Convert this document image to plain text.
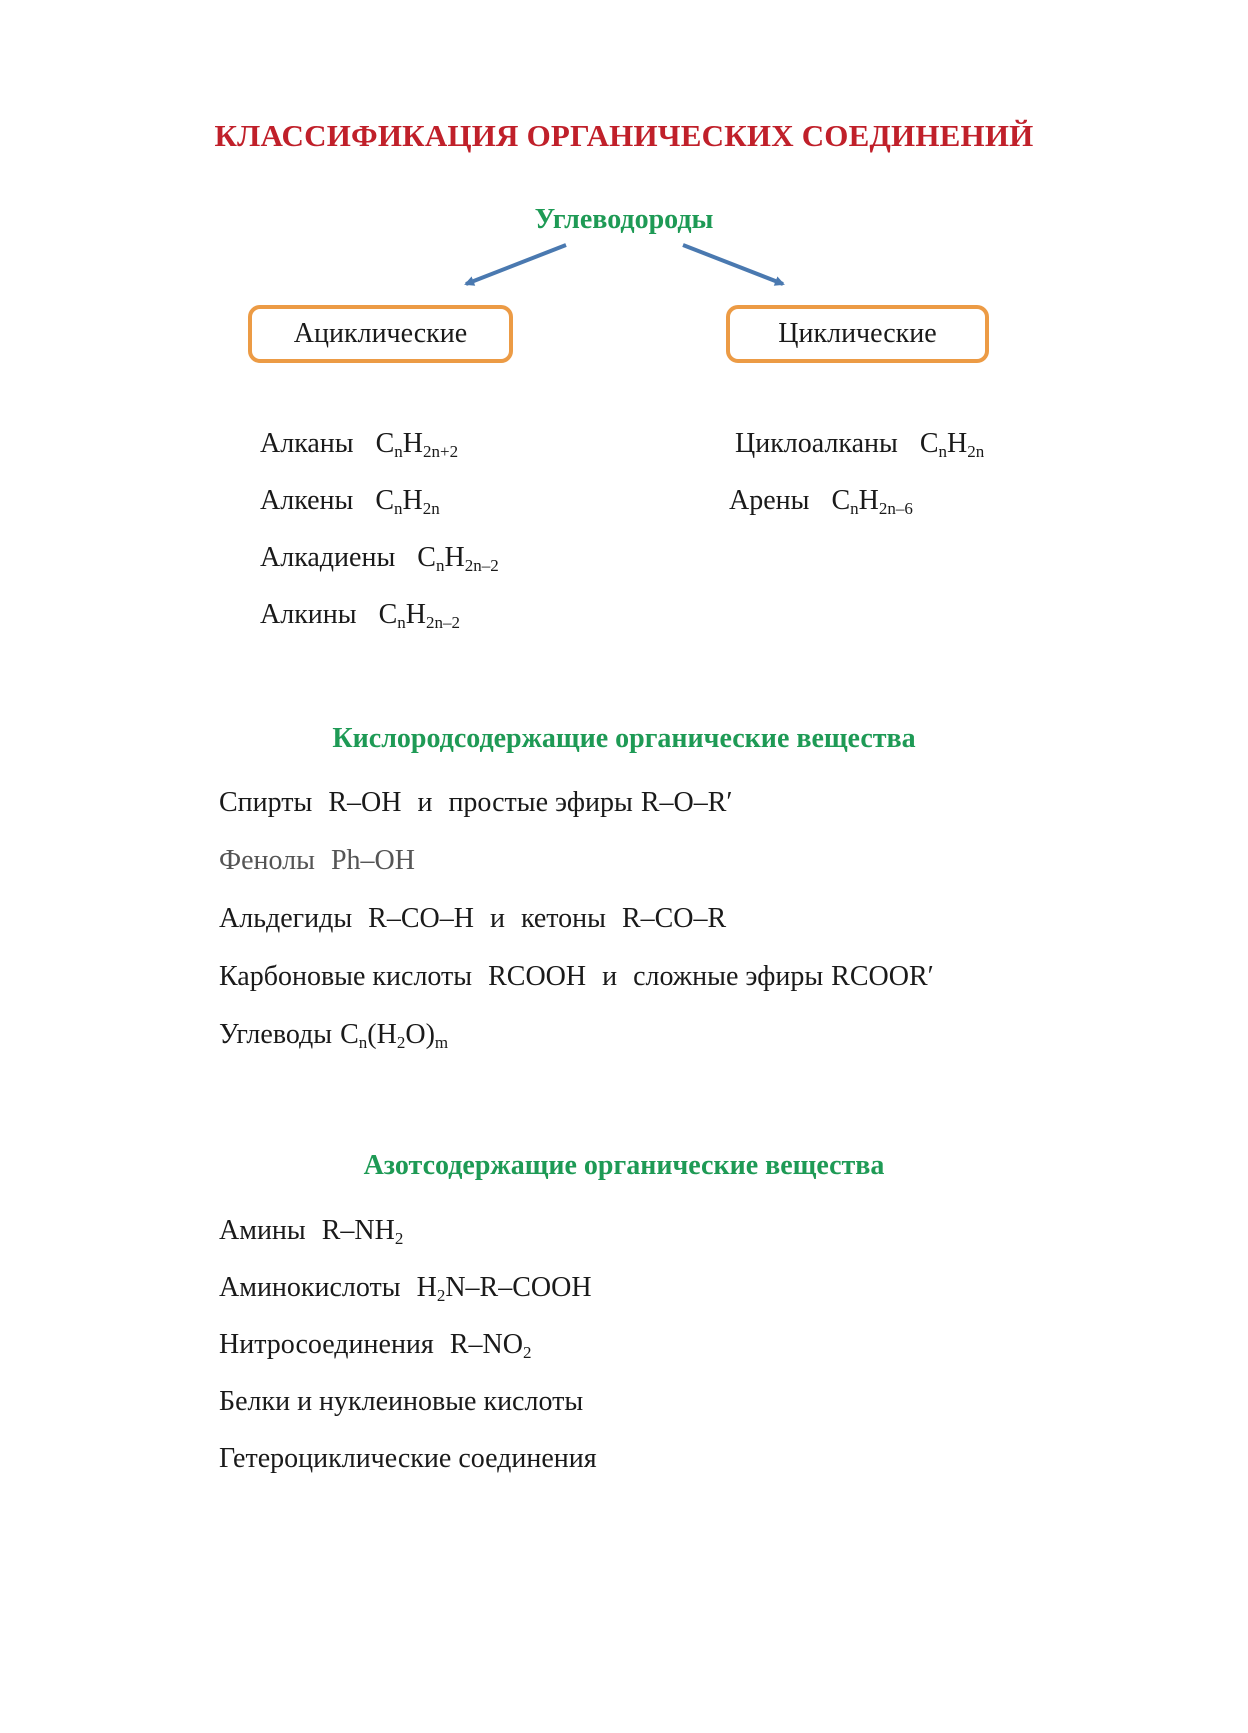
КЛАССИФИКАЦИЯ ОРГАНИЧЕСКИХ СОЕДИНЕНИЙ
Углеводороды
Ациклические	Циклические
Алканы $C_nH_{2n+2}$
Алкены $C_nH_{2n}$
Алкадиены $C_nH_{2n-2}$
Алкины $C_nH_{2n-2}$
Циклоалканы $C_nH_{2n}$
Арены $C_nH_{2n-6}$
Кислородсодержащие органические вещества
Спирты R–OH и простые эфиры R–O–R′
Фенолы Ph–OH
Альдегиды R–CO–H и кетоны R–CO–R
Карбоновые кислоты RCOOH и сложные эфиры RCOOR′
Углеводы $C_n(H_2O)_m$
Азотсодержащие органические вещества
Амины $R-NH_2$
Аминокислоты $H_2N-R$–COOH
Нитросоединения $R-NO_2$
Белки и нуклеиновые кислоты
Гетероциклические соединения
